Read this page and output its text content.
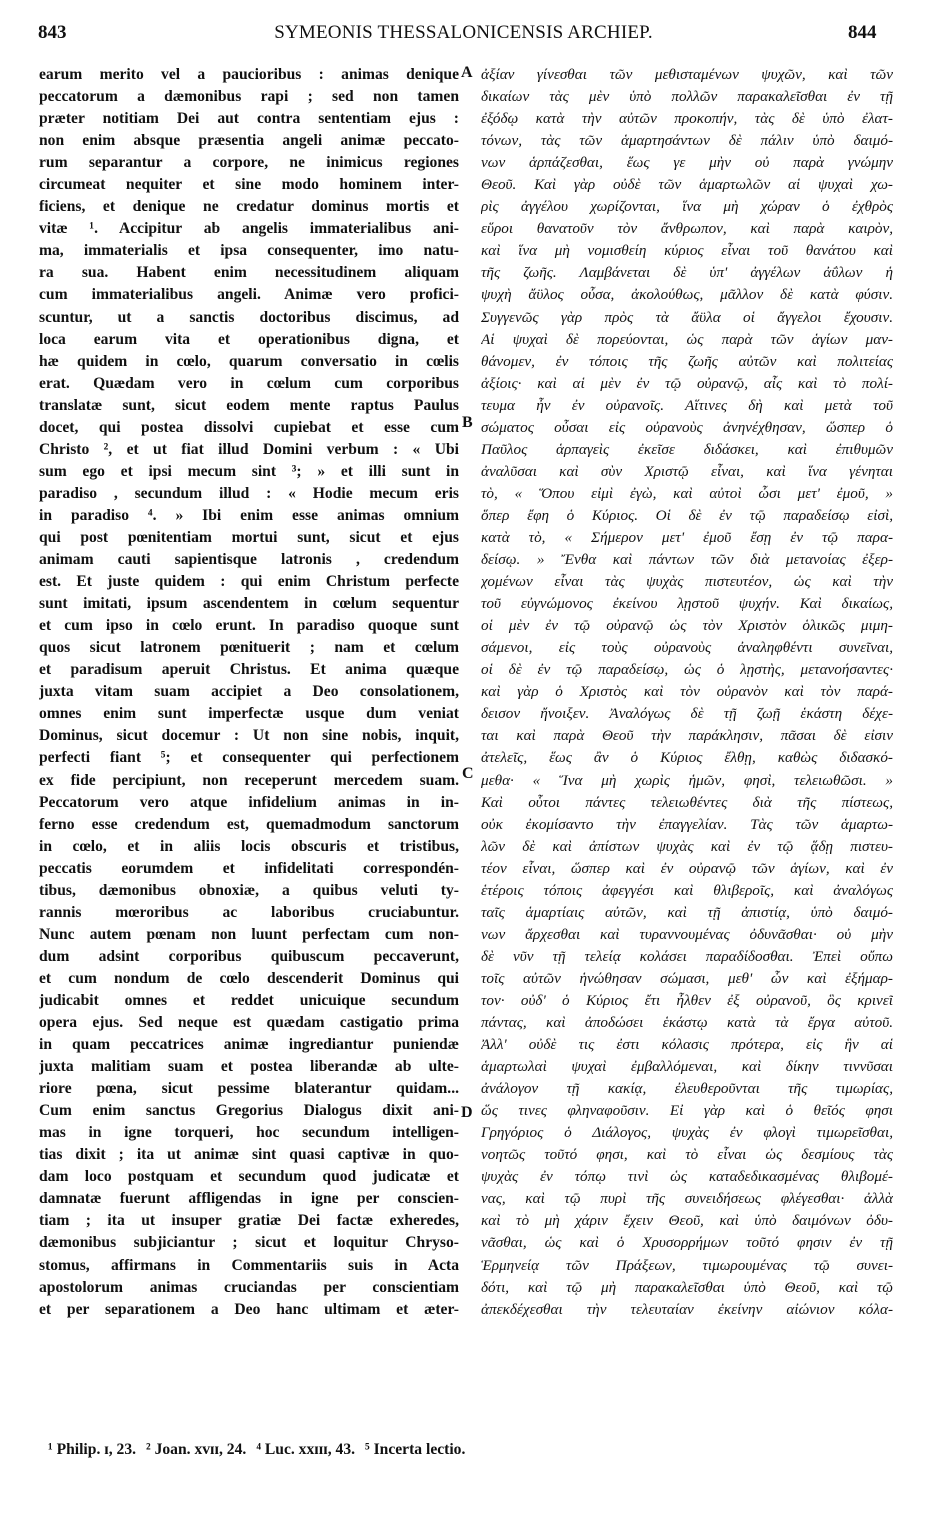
843	SYMEONIS THESSALONICENSIS ARCHIEP.	844
earum merito vel a paucioribus : animas denique
peccatorum a dæmonibus rapi ; sed non tamen
præter notitiam Dei aut contra sententiam ejus :
non enim absque præsentia angeli animæ peccato-
rum separantur a corpore, ne inimicus regiones
circumeat nequiter et sine modo hominem inter-
ficiens, et denique ne credatur dominus mortis et
vitæ ¹. Accipitur ab angelis immaterialibus ani-
ma, immaterialis et ipsa consequenter, imo natu-
ra sua. Habent enim necessitudinem aliquam
cum immaterialibus angeli. Animæ vero profici-
scuntur, ut a sanctis doctoribus discimus, ad
loca earum vita et operationibus digna, et
hæ quidem in cœlo, quarum conversatio in cœlis
erat. Quædam vero in cœlum cum corporibus
translatæ sunt, sicut eodem mente raptus Paulus
docet, qui postea dissolvi cupiebat et esse cum
Christo ², et ut fiat illud Domini verbum : « Ubi
sum ego et ipsi mecum sint ³; » et illi sunt in
paradiso , secundum illud : « Hodie mecum eris
in paradiso ⁴. » Ibi enim esse animas omnium
qui post pœnitentiam mortui sunt, sicut et ejus
animam cauti sapientisque latronis , credendum
est. Et juste quidem : qui enim Christum perfecte
sunt imitati, ipsum ascendentem in cœlum sequentur
et cum ipso in cœlo erunt. In paradiso quoque sunt
quos sicut latronem pœnituerit ; nam et cœlum
et paradisum aperuit Christus. Et anima quæque
juxta vitam suam accipiet a Deo consolationem,
omnes enim sunt imperfectæ usque dum veniat
Dominus, sicut docemur : Ut non sine nobis, inquit,
perfecti fiant ⁵; et consequenter qui perfectionem
ex fide percipiunt, non receperunt mercedem suam.
Peccatorum vero atque infidelium animas in in-
ferno esse credendum est, quemadmodum sanctorum
in cœlo, et in aliis locis obscuris et tristibus,
peccatis eorumdem et infidelitati correspondén-
tibus, dæmonibus obnoxiæ, a quibus veluti ty-
rannis mœroribus ac laboribus cruciabuntur.
Nunc autem pœnam non luunt perfectam cum non-
dum adsint corporibus quibuscum peccaverunt,
et cum nondum de cœlo descenderit Dominus qui
judicabit omnes et reddet unicuique secundum
opera ejus. Sed neque est quædam castigatio prima
in quam peccatrices animæ ingrediantur puniendæ
juxta malitiam suam et postea liberandæ ab ulte-
riore pœna, sicut pessime blaterantur quidam...
Cum enim sanctus Gregorius Dialogus dixit ani-
mas in igne torqueri, hoc secundum intelligen-
tias dixit ; ita ut animæ sint quasi captivæ in quo-
dam loco postquam et secundum quod judicatæ et
damnatæ fuerunt affligendas in igne per conscien-
tiam ; ita ut insuper gratiæ Dei factæ exheredes,
dæmonibus subjiciantur ; sicut et loquitur Chryso-
stomus, affirmans in Commentariis suis in Acta
apostolorum animas cruciandas per conscientiam
et per separationem a Deo hanc ultimam et æter-
A
B
C
D
ἀξίαν γίνεσθαι τῶν μεθισταμένων ψυχῶν, καὶ τῶν
δικαίων τὰς μὲν ὑπὸ πολλῶν παρακαλεῖσθαι ἐν τῇ
ἐξόδῳ κατὰ τὴν αὐτῶν προκοπήν, τὰς δὲ ὑπὸ ἐλατ-
τόνων, τὰς τῶν ἁμαρτησάντων δὲ πάλιν ὑπὸ δαιμό-
νων ἁρπάζεσθαι, ἕως γε μὴν οὐ παρὰ γνώμην
Θεοῦ. Καὶ γὰρ οὐδὲ τῶν ἁμαρτωλῶν αἱ ψυχαὶ χω-
ρὶς ἀγγέλου χωρίζονται, ἵνα μὴ χώραν ὁ ἐχθρὸς
εὕροι θανατοῦν τὸν ἄνθρωπον, καὶ παρὰ καιρὸν,
καὶ ἵνα μὴ νομισθείη κύριος εἶναι τοῦ θανάτου καὶ
τῆς ζωῆς. Λαμβάνεται δὲ ὑπ' ἀγγέλων ἀΰλων ἡ
ψυχὴ ἄϋλος οὖσα, ἀκολούθως, μᾶλλον δὲ κατὰ φύσιν.
Συγγενῶς γὰρ πρὸς τὰ ἄϋλα οἱ ἄγγελοι ἔχουσιν.
Αἱ ψυχαὶ δὲ πορεύονται, ὡς παρὰ τῶν ἁγίων μαν-
θάνομεν, ἐν τόποις τῆς ζωῆς αὐτῶν καὶ πολιτείας
ἀξίοις· καὶ αἱ μὲν ἐν τῷ οὐρανῷ, αἷς καὶ τὸ πολί-
τευμα ἦν ἐν οὐρανοῖς. Αἵτινες δὴ καὶ μετὰ τοῦ
σώματος οὖσαι εἰς οὐρανοὺς ἀνηνέχθησαν, ὥσπερ ὁ
Παῦλος ἁρπαγεὶς ἐκεῖσε διδάσκει, καὶ ἐπιθυμῶν
ἀναλῦσαι καὶ σὺν Χριστῷ εἶναι, καὶ ἵνα γένηται
τὸ, « Ὅπου εἰμὶ ἐγὼ, καὶ αὐτοὶ ὦσι μετ' ἐμοῦ, »
ὅπερ ἔφη ὁ Κύριος. Οἱ δὲ ἐν τῷ παραδείσῳ εἰσὶ,
κατὰ τὸ, « Σήμερον μετ' ἐμοῦ ἔσῃ ἐν τῷ παρα-
δείσῳ. » Ἔνθα καὶ πάντων τῶν διὰ μετανοίας ἐξερ-
χομένων εἶναι τὰς ψυχὰς πιστευτέον, ὡς καὶ τὴν
τοῦ εὐγνώμονος ἐκείνου λῃστοῦ ψυχήν. Καὶ δικαίως,
οἱ μὲν ἐν τῷ οὐρανῷ ὡς τὸν Χριστὸν ὁλικῶς μιμη-
σάμενοι, εἰς τοὺς οὐρανοὺς ἀναληφθέντι συνεῖναι,
οἱ δὲ ἐν τῷ παραδείσῳ, ὡς ὁ λῃστὴς, μετανοήσαντες·
καὶ γὰρ ὁ Χριστὸς καὶ τὸν οὐρανὸν καὶ τὸν παρά-
δεισον ἤνοιξεν. Ἀναλόγως δὲ τῇ ζωῇ ἑκάστη δέχε-
ται καὶ παρὰ Θεοῦ τὴν παράκλησιν, πᾶσαι δὲ εἰσιν
ἀτελεῖς, ἕως ἂν ὁ Κύριος ἔλθῃ, καθὼς διδασκό-
μεθα· « Ἵνα μὴ χωρὶς ἡμῶν, φησὶ, τελειωθῶσι. »
Καὶ οὗτοι πάντες τελειωθέντες διὰ τῆς πίστεως,
οὐκ ἐκομίσαντο τὴν ἐπαγγελίαν. Τὰς τῶν ἁμαρτω-
λῶν δὲ καὶ ἀπίστων ψυχὰς καὶ ἐν τῷ ᾅδῃ πιστευ-
τέον εἶναι, ὥσπερ καὶ ἐν οὐρανῷ τῶν ἁγίων, καὶ ἐν
ἑτέροις τόποις ἀφεγγέσι καὶ θλιβεροῖς, καὶ ἀναλόγως
ταῖς ἁμαρτίαις αὐτῶν, καὶ τῇ ἀπιστίᾳ, ὑπὸ δαιμό-
νων ἄρχεσθαι καὶ τυραννουμένας ὀδυνᾶσθαι· οὐ μὴν
δὲ νῦν τῇ τελείᾳ κολάσει παραδίδοσθαι. Ἐπεὶ οὔπω
τοῖς αὐτῶν ἡνώθησαν σώμασι, μεθ' ὧν καὶ ἐξήμαρ-
τον· οὐδ' ὁ Κύριος ἔτι ἦλθεν ἐξ οὐρανοῦ, ὃς κρινεῖ
πάντας, καὶ ἀποδώσει ἑκάστῳ κατὰ τὰ ἔργα αὐτοῦ.
Ἀλλ' οὐδὲ τις ἐστι κόλασις πρότερα, εἰς ἣν αἱ
ἁμαρτωλαὶ ψυχαὶ ἐμβαλλόμεναι, καὶ δίκην τιννῦσαι
ἀνάλογον τῇ κακίᾳ, ἐλευθεροῦνται τῆς τιμωρίας,
ὥς τινες φληναφοῦσιν. Εἰ γὰρ καὶ ὁ θεῖός φησι
Γρηγόριος ὁ Διάλογος, ψυχὰς ἐν φλογὶ τιμωρεῖσθαι,
νοητῶς τοῦτό φησι, καὶ τὸ εἶναι ὡς δεσμίους τὰς
ψυχὰς ἐν τόπῳ τινὶ ὡς καταδεδικασμένας θλιβομέ-
νας, καὶ τῷ πυρὶ τῆς συνειδήσεως φλέγεσθαι· ἀλλὰ
καὶ τὸ μὴ χάριν ἔχειν Θεοῦ, καὶ ὑπὸ δαιμόνων ὀδυ-
νᾶσθαι, ὡς καὶ ὁ Χρυσορρήμων τοῦτό φησιν ἐν τῇ
Ἑρμηνείᾳ τῶν Πράξεων, τιμωρουμένας τῷ συνει-
δότι, καὶ τῷ μὴ παρακαλεῖσθαι ὑπὸ Θεοῦ, καὶ τῷ
ἀπεκδέχεσθαι τὴν τελευταίαν ἐκείνην αἰώνιον κόλα-
¹ Philip. ɪ, 23. ² Joan. xvɪɪ, 24. ⁴ Luc. xxɪɪɪ, 43. ⁵ Incerta lectio.
